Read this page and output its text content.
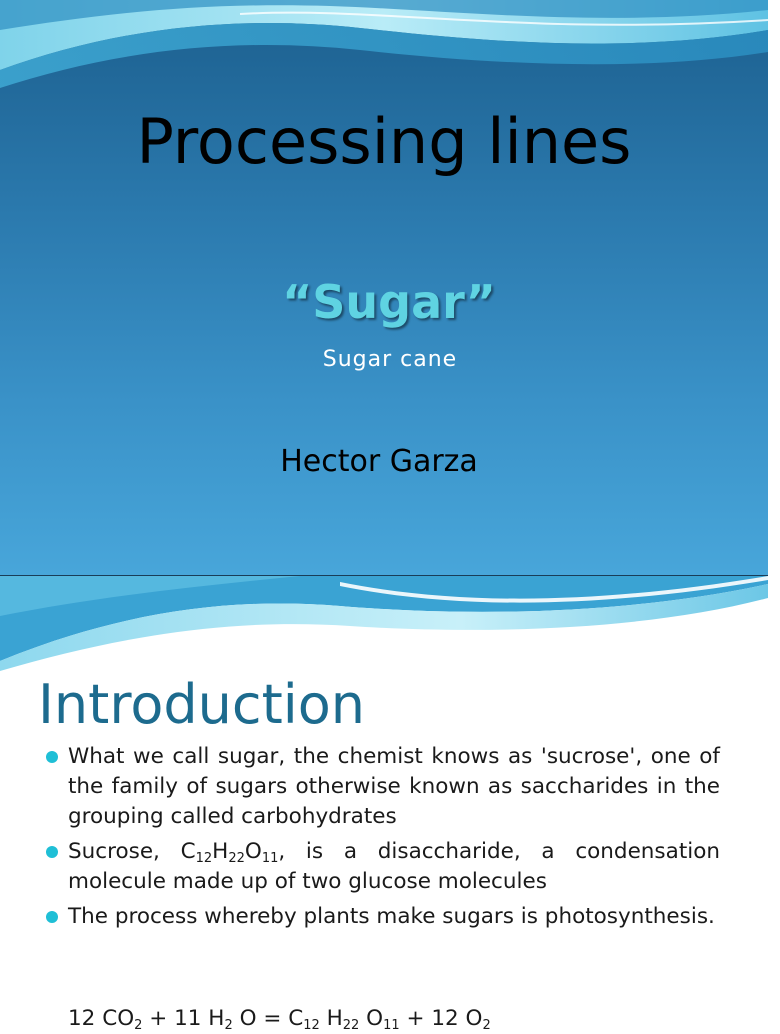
Processing lines
“Sugar”
Sugar cane
Hector Garza
Introduction
What we call sugar, the chemist knows as 'sucrose', one of the family of sugars otherwise known as saccharides in the grouping called carbohydrates
Sucrose, $C_{12}H_{22}O_{11}$, is a disaccharide, a condensation molecule made up of two glucose molecules
The process whereby plants make sugars is photosynthesis.
12 $CO_2 + 11$ $H_2$ $O = C_{12}$ $H_{22}$ $O_{11} + 12$ $O_2$
